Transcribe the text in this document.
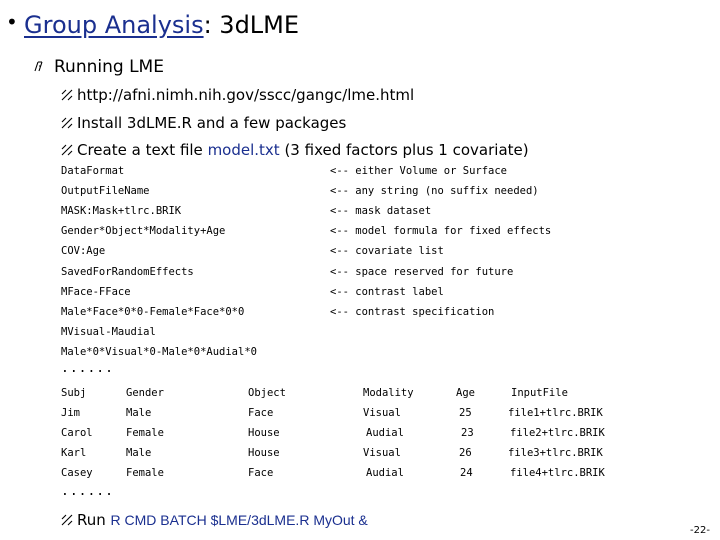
• Group Analysis: 3dLME
Running LME
http://afni.nimh.nih.gov/sscc/gangc/lme.html
Install 3dLME.R and a few packages
Create a text file model.txt (3 fixed factors plus 1 covariate)
DataFormat	<-- either Volume or Surface
OutputFileName	<-- any string (no suffix needed)
MASK:Mask+tlrc.BRIK	<-- mask dataset
Gender*Object*Modality+Age	<-- model formula for fixed effects
COV:Age	<-- covariate list
SavedForRandomEffects	<-- space reserved for future
MFace-FFace	<-- contrast label
Male*Face*0*0-Female*Face*0*0	<-- contrast specification
MVisual-Maudial
Male*0*Visual*0-Male*0*Audial*0
......
Subj	Gender	Object	Modality	Age	InputFile
Jim	Male	Face	Visual	25	file1+tlrc.BRIK
Carol	Female	House	Audial	23	file2+tlrc.BRIK
Karl	Male	House	Visual	26	file3+tlrc.BRIK
Casey	Female	Face	Audial	24	file4+tlrc.BRIK
......
Run R CMD BATCH $LME/3dLME.R MyOut &
-22-
